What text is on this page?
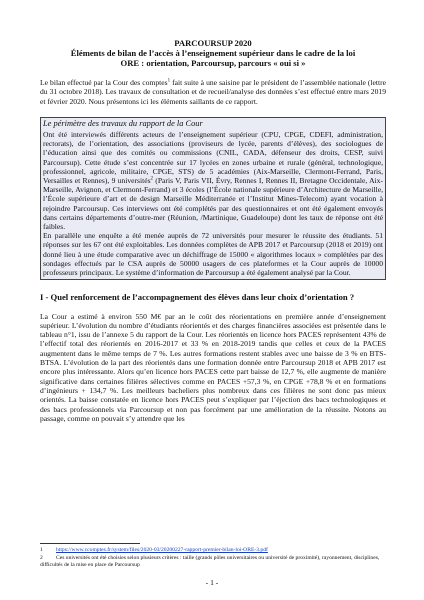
PARCOURSUP 2020

Éléments de bilan de l’accès à l’enseignement supérieur dans le cadre de la loi

ORE : orientation, Parcoursup, parcours « oui si »

Le bilan effectué par la Cour des comptes$^1$ fait suite à une saisine par le président de l’assemblée nationale (lettre du 31 octobre 2018). Les travaux de consultation et de recueil/analyse des données s’est effectué entre mars 2019 et février 2020. Nous présentons ici les éléments saillants de ce rapport.

Le périmètre des travaux du rapport de la Cour

Ont été interviewés différents acteurs de l’enseignement supérieur (CPU, CPGE, CDEFI, administration, rectorats), de l’orientation, des associations (proviseurs de lycée, parents d’élèves), des sociologues de l’éducation ainsi que des comités ou commissions (CNIL, CADA, défenseur des droits, CESP, suivi Parcoursup). Cette étude s’est concentrée sur 17 lycées en zones urbaine et rurale (général, technologique, professionnel, agricole, militaire, CPGE, STS) de 5 académies (Aix-Marseille, Clermont-Ferrand, Paris, Versailles et Rennes), 9 universités$^2$ (Paris V, Paris VII, Évry, Rennes I, Rennes II, Bretagne Occidentale, Aix-Marseille, Avignon, et Clermont-Ferrand) et 3 écoles (l’École nationale supérieure d’Architecture de Marseille, l’École supérieure d’art et de design Marseille Méditerranée et l’Institut Mines-Telecom) ayant vocation à rejoindre Parcoursup. Ces interviews ont été complétés par des questionnaires et ont été également envoyés dans certains départements d’outre-mer (Réunion, /Martinique, Guadeloupe) dont les taux de réponse ont été faibles.

En parallèle une enquête a été menée auprès de 72 universités pour mesurer le réussite des étudiants. 51 réponses sur les 67 ont été exploitables. Les données complètes de APB 2017 et Parcoursup (2018 et 2019) ont donné lieu à une étude comparative avec un déchiffrage de 15000 « algorithmes locaux » complétées par des sondages effectués par le CSA auprès de 50000 usagers de ces plateformes et la Cour auprès de 10000 professeurs principaux. Le système d’information de Parcoursup a été également analysé par la Cour.

I - Quel renforcement de l’accompagnement des élèves dans leur choix d’orientation ?

La Cour a estimé à environ 550 M€ par an le coût des réorientations en première année d’enseignement supérieur. L’évolution du nombre d’étudiants réorientés et des charges financières associées est présentée dans le tableau n°1, issu de l’annexe 5 du rapport de la Cour. Les réorientés en licence hors PACES représentent 43% de l’effectif total des réorientés en 2016-2017 et 33 % en 2018-2019 tandis que celles et ceux de la PACES augmentent dans le même temps de 7 %. Les autres formations restent stables avec une baisse de 3 % en BTS-BTSA. L’évolution de la part des réorientés dans une formation donnée entre Parcoursup 2018 et APB 2017 est encore plus intéressante. Alors qu’en licence hors PACES cette part baisse de 12,7 %, elle augmente de manière significative dans certaines filières sélectives comme en PACES +57,3 %, en CPGE +78,8 % et en formations d’ingénieurs + 134,7 %. Les meilleurs bacheliers plus nombreux dans ces filières ne sont donc pas mieux orientés. La baisse constatée en licence hors PACES peut s’expliquer par l’éjection des bacs technologiques et des bacs professionnels via Parcoursup et non pas forcément par une amélioration de la réussite. Notons au passage, comme on pouvait s’y attendre que les

1 https://www.ccomptes.fr/system/files/2020-03/20200227-rapport-premier-bilan-loi-ORE-3.pdf
2 Ces universités ont été choisies selon plusieurs critères : taille (grands pôles universitaires ou université de proximité), rayonnement, disciplines, difficultés de la mise en place de Parcoursup
- 1 -
